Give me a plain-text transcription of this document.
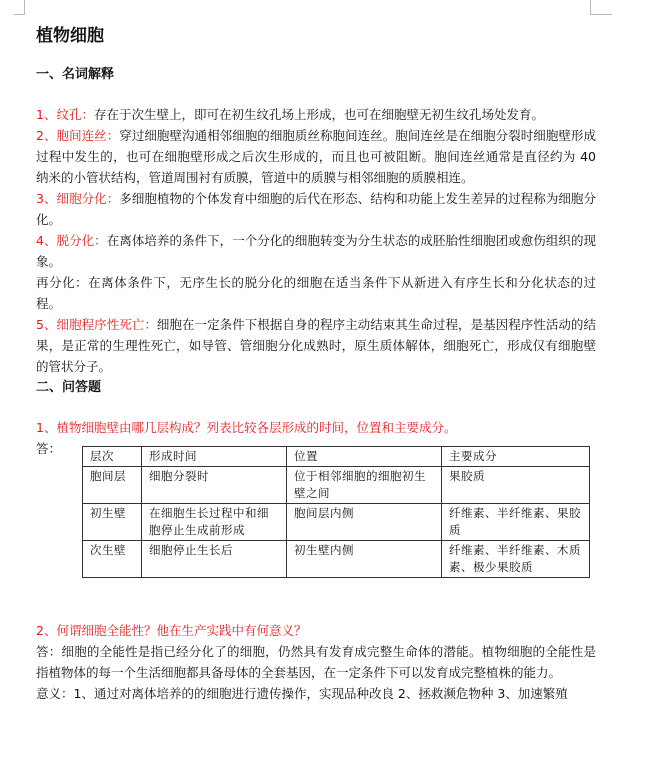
植物细胞
一、名词解释

1、纹孔：存在于次生壁上，即可在初生纹孔场上形成，也可在细胞壁无初生纹孔场处发育。

2、胞间连丝：穿过细胞壁沟通相邻细胞的细胞质丝称胞间连丝。胞间连丝是在细胞分裂时细胞壁形成过程中发生的，也可在细胞壁形成之后次生形成的，而且也可被阻断。胞间连丝通常是直径约为 40 纳米的小管状结构，管道周围衬有质膜，管道中的质膜与相邻细胞的质膜相连。

3、细胞分化：多细胞植物的个体发育中细胞的后代在形态、结构和功能上发生差异的过程称为细胞分化。

4、脱分化：在离体培养的条件下，一个分化的细胞转变为分生状态的成胚胎性细胞团或愈伤组织的现象。

再分化：在离体条件下，无序生长的脱分化的细胞在适当条件下从新进入有序生长和分化状态的过程。

5、细胞程序性死亡：细胞在一定条件下根据自身的程序主动结束其生命过程，是基因程序性活动的结果，是正常的生理性死亡，如导管、管细胞分化成熟时，原生质体解体，细胞死亡，形成仅有细胞壁的管状分子。

二、问答题

1、植物细胞壁由哪几层构成？列表比较各层形成的时间，位置和主要成分。

答：	层次	形成时间	位置	主要成分
胞间层	细胞分裂时	位于相邻细胞的细胞初生壁之间	果胶质
初生壁	在细胞生长过程中和细胞停止生成前形成	胞间层内侧	纤维素、半纤维素、果胶质
次生壁	细胞停止生长后	初生壁内侧	纤维素、半纤维素、木质素、极少果胶质

2、何谓细胞全能性？他在生产实践中有何意义？

答：细胞的全能性是指已经分化了的细胞，仍然具有发育成完整生命体的潜能。植物细胞的全能性是指植物体的每一个生活细胞都具备母体的全套基因，在一定条件下可以发育成完整植株的能力。

意义：1、通过对离体培养的的细胞进行遗传操作，实现品种改良 2、拯救濒危物种 3、加速繁殖
